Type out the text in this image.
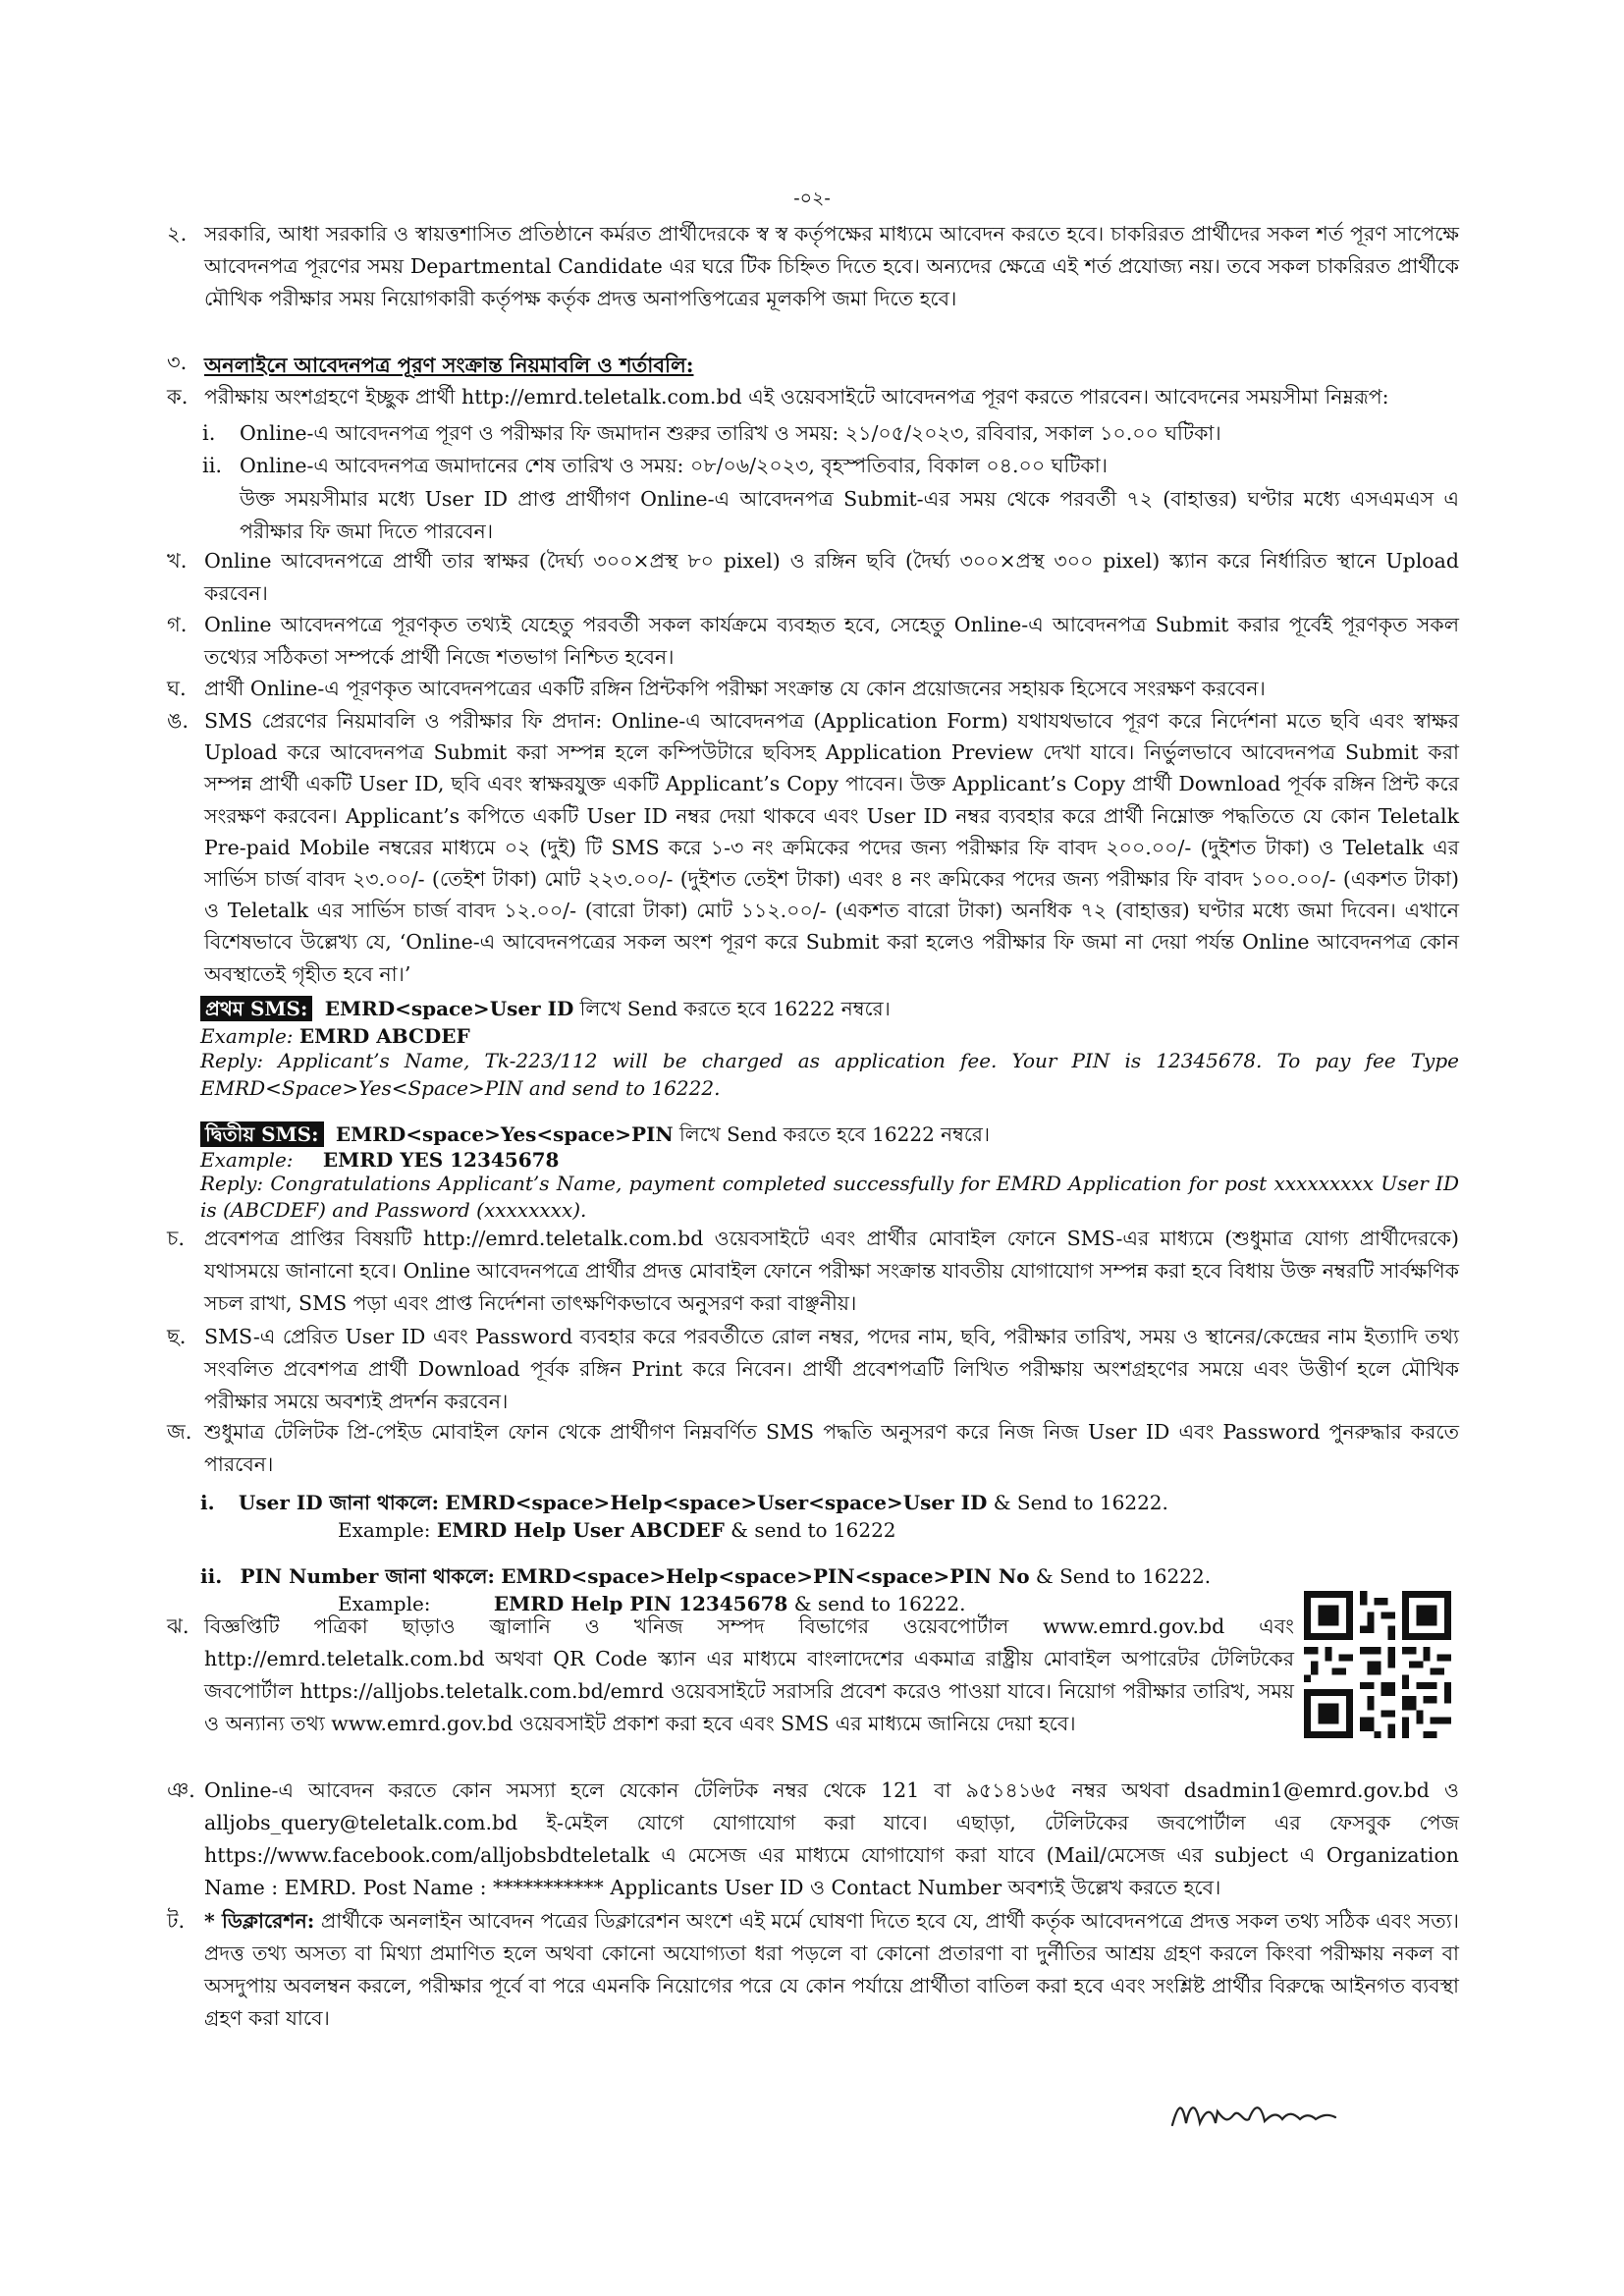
-০২-
২. সরকারি, আধা সরকারি ও স্বায়ত্তশাসিত প্রতিষ্ঠানে কর্মরত প্রার্থীদেরকে স্ব স্ব কর্তৃপক্ষের মাধ্যমে আবেদন করতে হবে। চাকরিরত প্রার্থীদের সকল শর্ত পূরণ সাপেক্ষে আবেদনপত্র পূরণের সময় Departmental Candidate এর ঘরে টিক চিহ্নিত দিতে হবে। অন্যদের ক্ষেত্রে এই শর্ত প্রযোজ্য নয়। তবে সকল চাকরিরত প্রার্থীকে মৌখিক পরীক্ষার সময় নিয়োগকারী কর্তৃপক্ষ কর্তৃক প্রদত্ত অনাপত্তিপত্রের মূলকপি জমা দিতে হবে।
৩. অনলাইনে আবেদনপত্র পূরণ সংক্রান্ত নিয়মাবলি ও শর্তাবলি:
ক. পরীক্ষায় অংশগ্রহণে ইচ্ছুক প্রার্থী http://emrd.teletalk.com.bd এই ওয়েবসাইটে আবেদনপত্র পূরণ করতে পারবেন। আবেদনের সময়সীমা নিম্নরূপ:
i. Online-এ আবেদনপত্র পূরণ ও পরীক্ষার ফি জমাদান শুরুর তারিখ ও সময়: ২১/০৫/২০২৩, রবিবার, সকাল ১০.০০ ঘটিকা।
ii. Online-এ আবেদনপত্র জমাদানের শেষ তারিখ ও সময়: ০৮/০৬/২০২৩, বৃহস্পতিবার, বিকাল ০৪.০০ ঘটিকা।
উক্ত সময়সীমার মধ্যে User ID প্রাপ্ত প্রার্থীগণ Online-এ আবেদনপত্র Submit-এর সময় থেকে পরবর্তী ৭২ (বাহাত্তর) ঘণ্টার মধ্যে এসএমএস এ পরীক্ষার ফি জমা দিতে পারবেন।
খ. Online আবেদনপত্রে প্রার্থী তার স্বাক্ষর (দৈর্ঘ্য ৩০০×প্রস্থ ৮০ pixel) ও রঙ্গিন ছবি (দৈর্ঘ্য ৩০০×প্রস্থ ৩০০ pixel) স্ক্যান করে নির্ধারিত স্থানে Upload করবেন।
গ. Online আবেদনপত্রে পূরণকৃত তথ্যই যেহেতু পরবর্তী সকল কার্যক্রমে ব্যবহৃত হবে, সেহেতু Online-এ আবেদনপত্র Submit করার পূর্বেই পূরণকৃত সকল তথ্যের সঠিকতা সম্পর্কে প্রার্থী নিজে শতভাগ নিশ্চিত হবেন।
ঘ. প্রার্থী Online-এ পূরণকৃত আবেদনপত্রের একটি রঙ্গিন প্রিন্টকপি পরীক্ষা সংক্রান্ত যে কোন প্রয়োজনের সহায়ক হিসেবে সংরক্ষণ করবেন।
ঙ. SMS প্রেরণের নিয়মাবলি ও পরীক্ষার ফি প্রদান: Online-এ আবেদনপত্র (Application Form) যথাযথভাবে পূরণ করে নির্দেশনা মতে ছবি এবং স্বাক্ষর Upload করে আবেদনপত্র Submit করা সম্পন্ন হলে কম্পিউটারে ছবিসহ Application Preview দেখা যাবে। নির্ভুলভাবে আবেদনপত্র Submit করা সম্পন্ন প্রার্থী একটি User ID, ছবি এবং স্বাক্ষরযুক্ত একটি Applicant’s Copy পাবেন। উক্ত Applicant’s Copy প্রার্থী Download পূর্বক রঙ্গিন প্রিন্ট করে সংরক্ষণ করবেন। Applicant’s কপিতে একটি User ID নম্বর দেয়া থাকবে এবং User ID নম্বর ব্যবহার করে প্রার্থী নিম্নোক্ত পদ্ধতিতে যে কোন Teletalk Pre-paid Mobile নম্বরের মাধ্যমে ০২ (দুই) টি SMS করে ১-৩ নং ক্রমিকের পদের জন্য পরীক্ষার ফি বাবদ ২০০.০০/- (দুইশত টাকা) ও Teletalk এর সার্ভিস চার্জ বাবদ ২৩.০০/- (তেইশ টাকা) মোট ২২৩.০০/- (দুইশত তেইশ টাকা) এবং ৪ নং ক্রমিকের পদের জন্য পরীক্ষার ফি বাবদ ১০০.০০/- (একশত টাকা) ও Teletalk এর সার্ভিস চার্জ বাবদ ১২.০০/- (বারো টাকা) মোট ১১২.০০/- (একশত বারো টাকা) অনধিক ৭২ (বাহাত্তর) ঘণ্টার মধ্যে জমা দিবেন। এখানে বিশেষভাবে উল্লেখ্য যে, ‘Online-এ আবেদনপত্রের সকল অংশ পূরণ করে Submit করা হলেও পরীক্ষার ফি জমা না দেয়া পর্যন্ত Online আবেদনপত্র কোন অবস্থাতেই গৃহীত হবে না।’
প্রথম SMS: EMRD<space>User ID লিখে Send করতে হবে 16222 নম্বরে।
Example: EMRD ABCDEF
Reply: Applicant’s Name, Tk-223/112 will be charged as application fee. Your PIN is 12345678. To pay fee Type EMRD<Space>Yes<Space>PIN and send to 16222.
দ্বিতীয় SMS: EMRD<space>Yes<space>PIN লিখে Send করতে হবে 16222 নম্বরে।
Example: EMRD YES 12345678
Reply: Congratulations Applicant’s Name, payment completed successfully for EMRD Application for post xxxxxxxxx User ID is (ABCDEF) and Password (xxxxxxxx).
চ. প্রবেশপত্র প্রাপ্তির বিষয়টি http://emrd.teletalk.com.bd ওয়েবসাইটে এবং প্রার্থীর মোবাইল ফোনে SMS-এর মাধ্যমে (শুধুমাত্র যোগ্য প্রার্থীদেরকে) যথাসময়ে জানানো হবে। Online আবেদনপত্রে প্রার্থীর প্রদত্ত মোবাইল ফোনে পরীক্ষা সংক্রান্ত যাবতীয় যোগাযোগ সম্পন্ন করা হবে বিধায় উক্ত নম্বরটি সার্বক্ষণিক সচল রাখা, SMS পড়া এবং প্রাপ্ত নির্দেশনা তাৎক্ষণিকভাবে অনুসরণ করা বাঞ্ছনীয়।
ছ. SMS-এ প্রেরিত User ID এবং Password ব্যবহার করে পরবর্তীতে রোল নম্বর, পদের নাম, ছবি, পরীক্ষার তারিখ, সময় ও স্থানের/কেন্দ্রের নাম ইত্যাদি তথ্য সংবলিত প্রবেশপত্র প্রার্থী Download পূর্বক রঙ্গিন Print করে নিবেন। প্রার্থী প্রবেশপত্রটি লিখিত পরীক্ষায় অংশগ্রহণের সময়ে এবং উত্তীর্ণ হলে মৌখিক পরীক্ষার সময়ে অবশ্যই প্রদর্শন করবেন।
জ. শুধুমাত্র টেলিটক প্রি-পেইড মোবাইল ফোন থেকে প্রার্থীগণ নিম্নবর্ণিত SMS পদ্ধতি অনুসরণ করে নিজ নিজ User ID এবং Password পুনরুদ্ধার করতে পারবেন।
i. User ID জানা থাকলে: EMRD<space>Help<space>User<space>User ID & Send to 16222.
Example: EMRD Help User ABCDEF & send to 16222
ii. PIN Number জানা থাকলে: EMRD<space>Help<space>PIN<space>PIN No & Send to 16222.
Example:	EMRD Help PIN 12345678 & send to 16222.
ঝ. বিজ্ঞপ্তিটি পত্রিকা ছাড়াও জ্বালানি ও খনিজ সম্পদ বিভাগের ওয়েবপোর্টাল www.emrd.gov.bd এবং http://emrd.teletalk.com.bd অথবা QR Code স্ক্যান এর মাধ্যমে বাংলাদেশের একমাত্র রাষ্ট্রীয় মোবাইল অপারেটর টেলিটকের জবপোর্টাল https://alljobs.teletalk.com.bd/emrd ওয়েবসাইটে সরাসরি প্রবেশ করেও পাওয়া যাবে। নিয়োগ পরীক্ষার তারিখ, সময় ও অন্যান্য তথ্য www.emrd.gov.bd ওয়েবসাইট প্রকাশ করা হবে এবং SMS এর মাধ্যমে জানিয়ে দেয়া হবে।
ঞ. Online-এ আবেদন করতে কোন সমস্যা হলে যেকোন টেলিটক নম্বর থেকে 121 বা ৯৫১৪১৬৫ নম্বর অথবা dsadmin1@emrd.gov.bd ও alljobs_query@teletalk.com.bd ই-মেইল যোগে যোগাযোগ করা যাবে। এছাড়া, টেলিটকের জবপোর্টাল এর ফেসবুক পেজ https://www.facebook.com/alljobsbdteletalk এ মেসেজ এর মাধ্যমে যোগাযোগ করা যাবে (Mail/মেসেজ এর subject এ Organization Name : EMRD. Post Name : *********** Applicants User ID ও Contact Number অবশ্যই উল্লেখ করতে হবে।
ট. * ডিক্লারেশন: প্রার্থীকে অনলাইন আবেদন পত্রের ডিক্লারেশন অংশে এই মর্মে ঘোষণা দিতে হবে যে, প্রার্থী কর্তৃক আবেদনপত্রে প্রদত্ত সকল তথ্য সঠিক এবং সত্য। প্রদত্ত তথ্য অসত্য বা মিথ্যা প্রমাণিত হলে অথবা কোনো অযোগ্যতা ধরা পড়লে বা কোনো প্রতারণা বা দুর্নীতির আশ্রয় গ্রহণ করলে কিংবা পরীক্ষায় নকল বা অসদুপায় অবলম্বন করলে, পরীক্ষার পূর্বে বা পরে এমনকি নিয়োগের পরে যে কোন পর্যায়ে প্রার্থীতা বাতিল করা হবে এবং সংশ্লিষ্ট প্রার্থীর বিরুদ্ধে আইনগত ব্যবস্থা গ্রহণ করা যাবে।
